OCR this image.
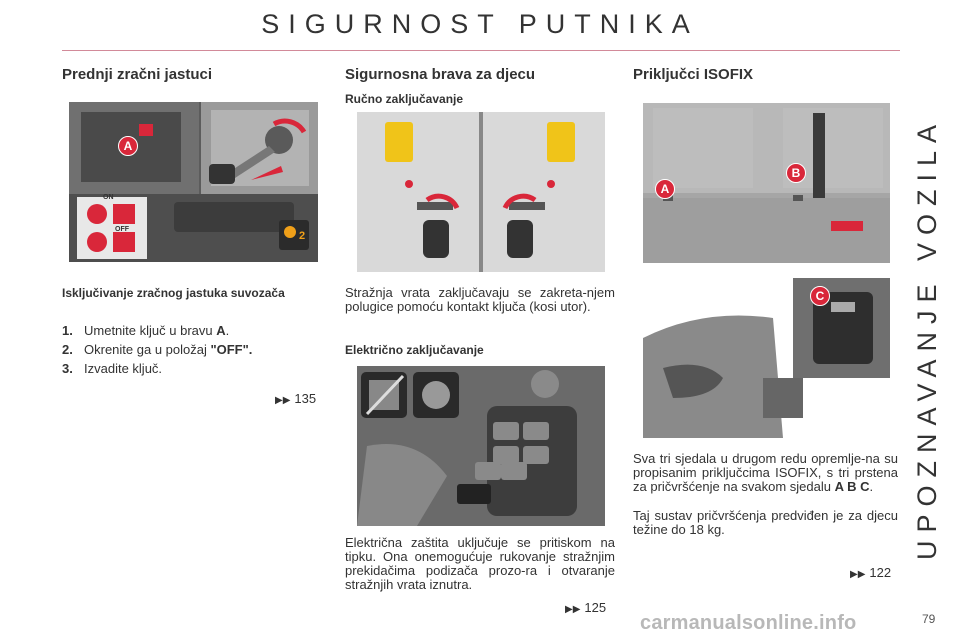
SIGURNOST PUTNIKA
UPOZNAVANJE VOZILA
Prednji zračni jastuci
A
ON
OFF
2
Isključivanje zračnog jastuka suvozača
1. Umetnite ključ u bravu A.
2. Okrenite ga u položaj "OFF".
3. Izvadite ključ.
▶▶ 135
Sigurnosna brava za djecu
Ručno zaključavanje

Stražnja vrata zaključavaju se zakreta-njem polugice pomoću kontakt ključa (kosi utor).

Električno zaključavanje

Električna zaštita uključuje se pritiskom na tipku. Ona onemogućuje rukovanje stražnjim prekidačima podizača prozo-ra i otvaranje stražnjih vrata iznutra.

▶▶ 125
Priključci ISOFIX
A
B
C

Sva tri sjedala u drugom redu opremlje-na su propisanim priključcima ISOFIX, s tri prstena za pričvršćenje na svakom sjedalu A B C.

Taj sustav pričvršćenja predviđen je za djecu težine do 18 kg.

▶▶ 122
carmanualsonline.info	79
